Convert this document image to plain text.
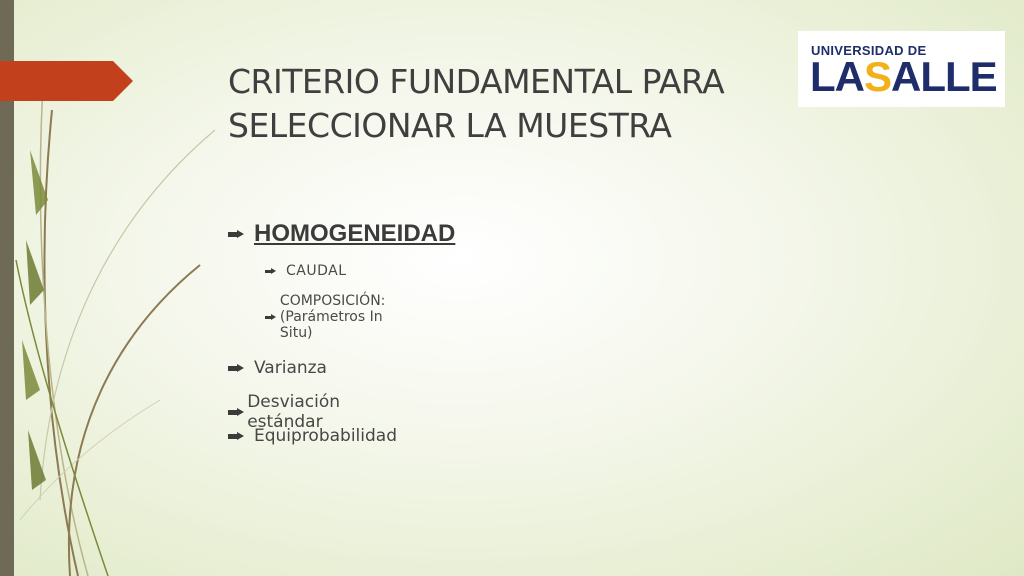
CRITERIO FUNDAMENTAL PARA
SELECCIONAR LA MUESTRA
UNIVERSIDAD DE
LASALLE
HOMOGENEIDAD
CAUDAL
COMPOSICIÓN: (Parámetros In Situ)
Varianza
Desviación estándar
Equiprobabilidad
